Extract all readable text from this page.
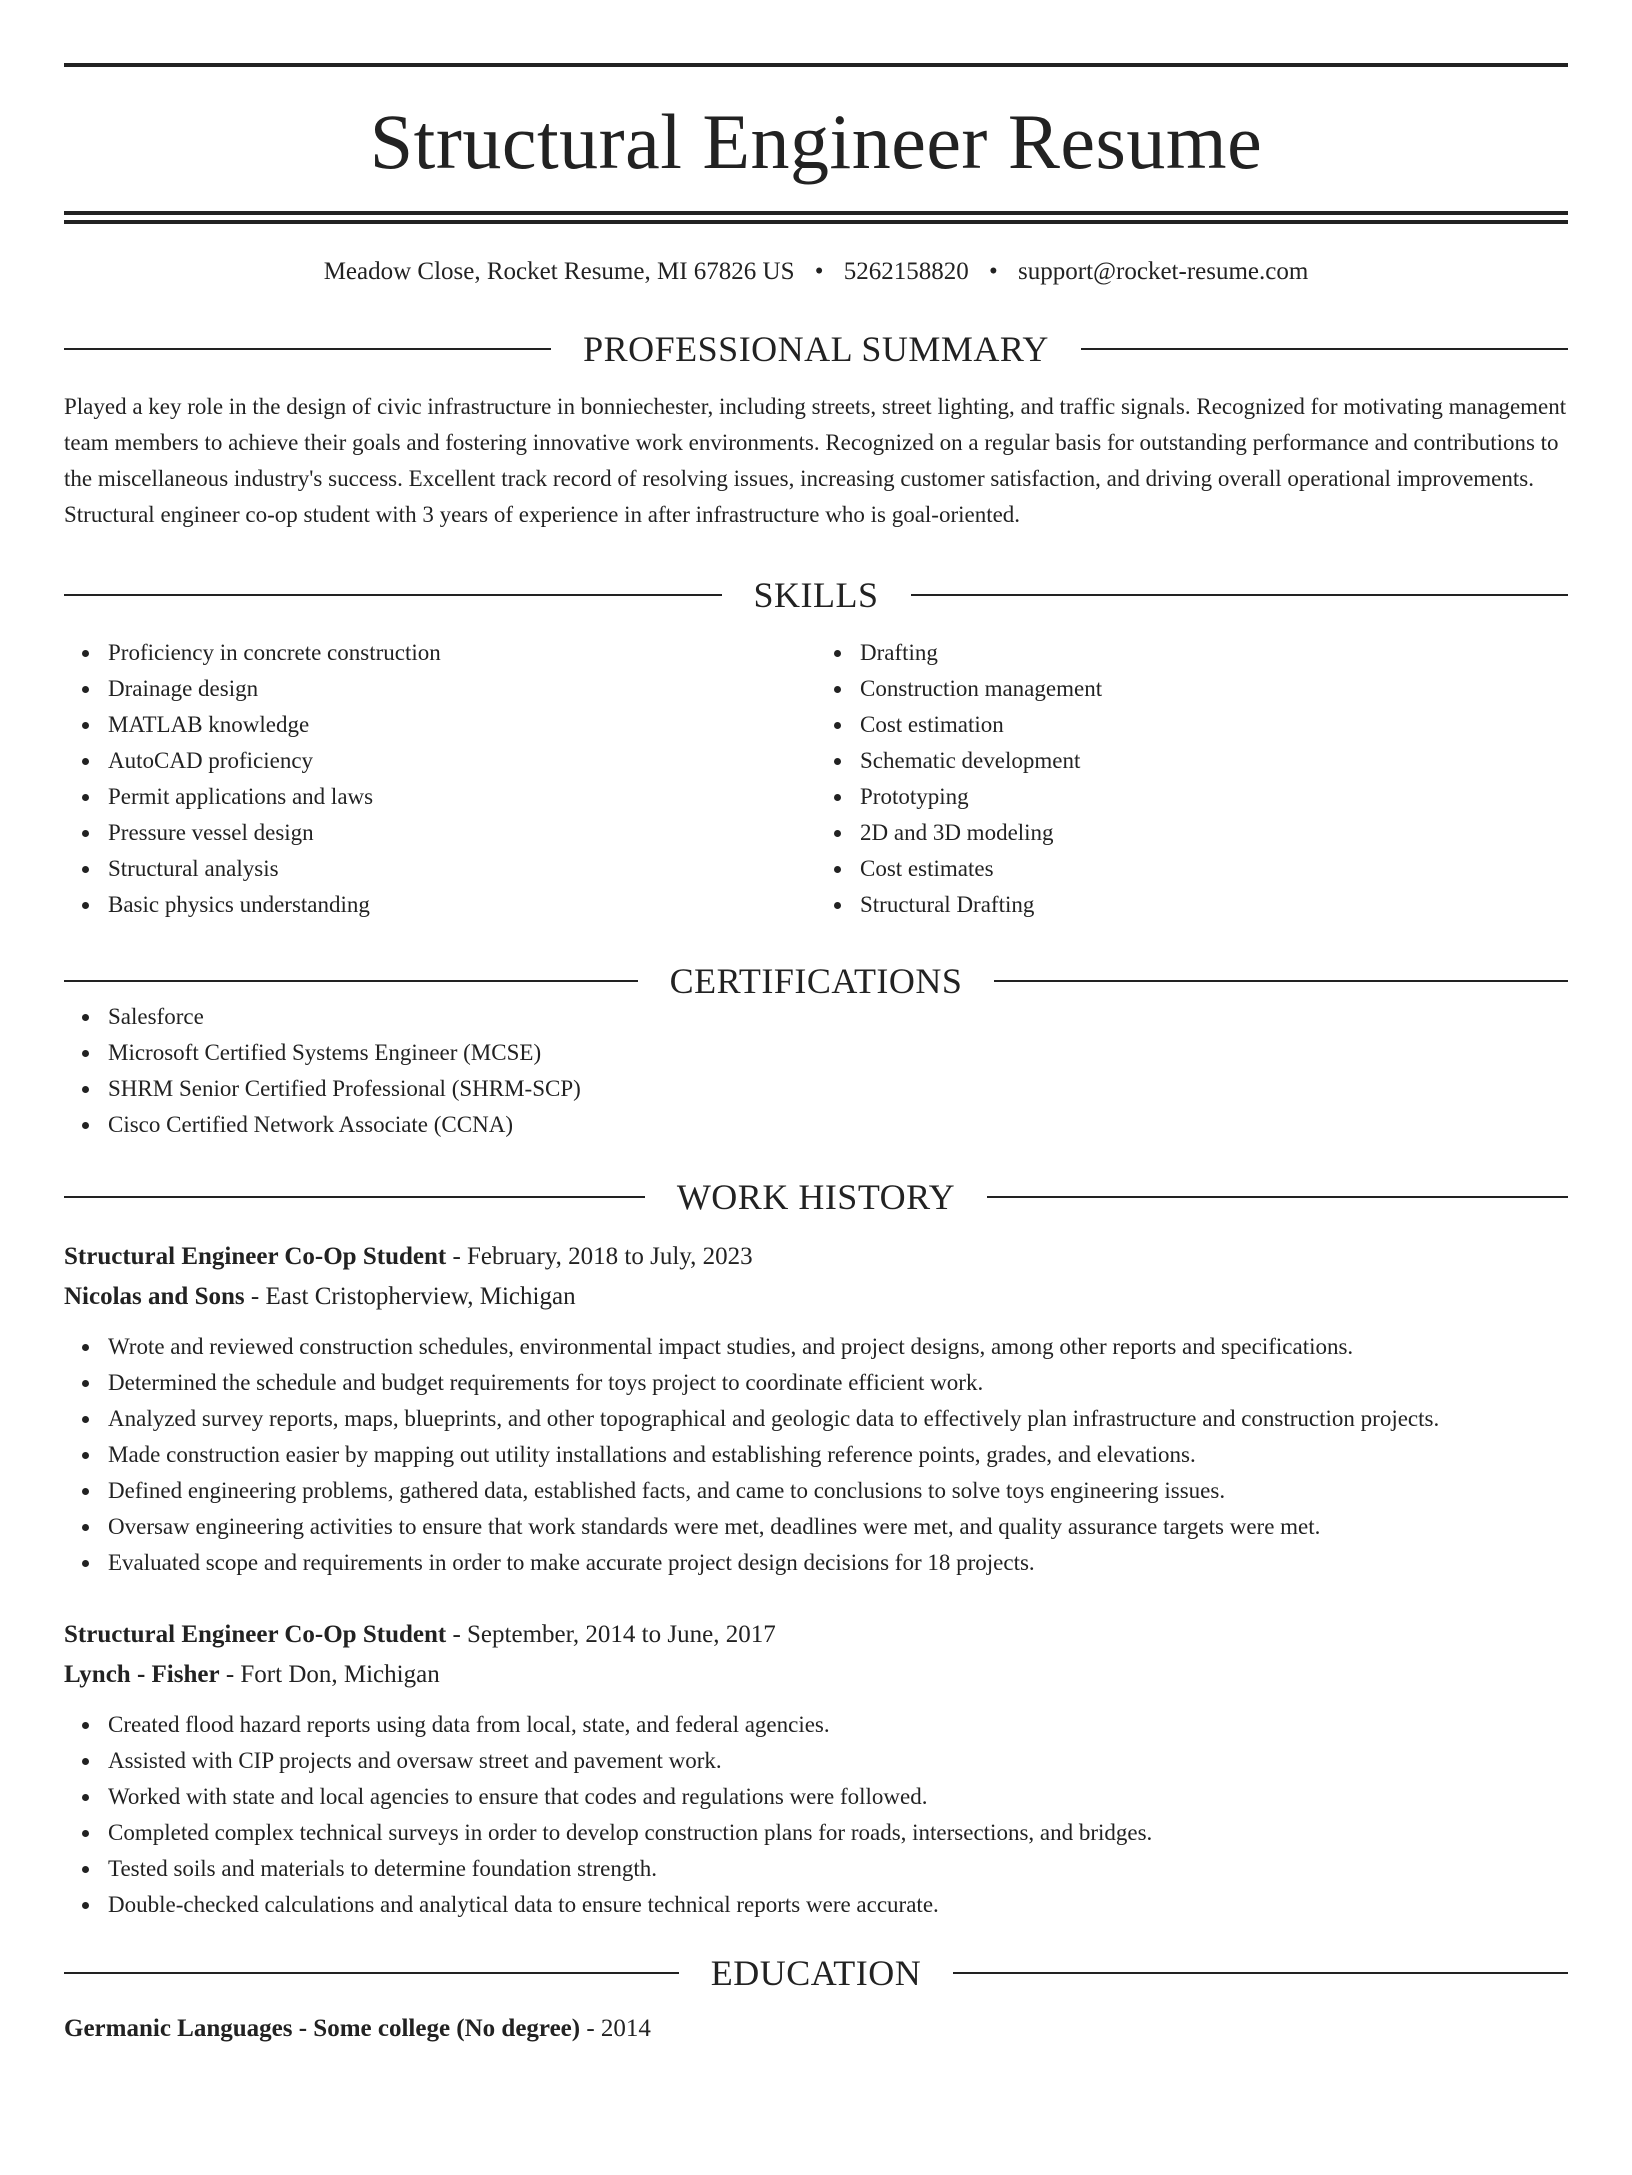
Structural Engineer Resume
Meadow Close, Rocket Resume, MI 67826 US • 5262158820 • support@rocket-resume.com
PROFESSIONAL SUMMARY

Played a key role in the design of civic infrastructure in bonniechester, including streets, street lighting, and traffic signals. Recognized for motivating management team members to achieve their goals and fostering innovative work environments. Recognized on a regular basis for outstanding performance and contributions to the miscellaneous industry's success. Excellent track record of resolving issues, increasing customer satisfaction, and driving overall operational improvements. Structural engineer co-op student with 3 years of experience in after infrastructure who is goal-oriented.

SKILLS
Proficiency in concrete construction
Drainage design
MATLAB knowledge
AutoCAD proficiency
Permit applications and laws
Pressure vessel design
Structural analysis
Basic physics understanding
Drafting
Construction management
Cost estimation
Schematic development
Prototyping
2D and 3D modeling
Cost estimates
Structural Drafting
CERTIFICATIONS
Salesforce
Microsoft Certified Systems Engineer (MCSE)
SHRM Senior Certified Professional (SHRM-SCP)
Cisco Certified Network Associate (CCNA)
WORK HISTORY
Structural Engineer Co-Op Student - February, 2018 to July, 2023
Nicolas and Sons - East Cristopherview, Michigan
Wrote and reviewed construction schedules, environmental impact studies, and project designs, among other reports and specifications.
Determined the schedule and budget requirements for toys project to coordinate efficient work.
Analyzed survey reports, maps, blueprints, and other topographical and geologic data to effectively plan infrastructure and construction projects.
Made construction easier by mapping out utility installations and establishing reference points, grades, and elevations.
Defined engineering problems, gathered data, established facts, and came to conclusions to solve toys engineering issues.
Oversaw engineering activities to ensure that work standards were met, deadlines were met, and quality assurance targets were met.
Evaluated scope and requirements in order to make accurate project design decisions for 18 projects.
Structural Engineer Co-Op Student - September, 2014 to June, 2017
Lynch - Fisher - Fort Don, Michigan
Created flood hazard reports using data from local, state, and federal agencies.
Assisted with CIP projects and oversaw street and pavement work.
Worked with state and local agencies to ensure that codes and regulations were followed.
Completed complex technical surveys in order to develop construction plans for roads, intersections, and bridges.
Tested soils and materials to determine foundation strength.
Double-checked calculations and analytical data to ensure technical reports were accurate.
EDUCATION
Germanic Languages - Some college (No degree) - 2014
